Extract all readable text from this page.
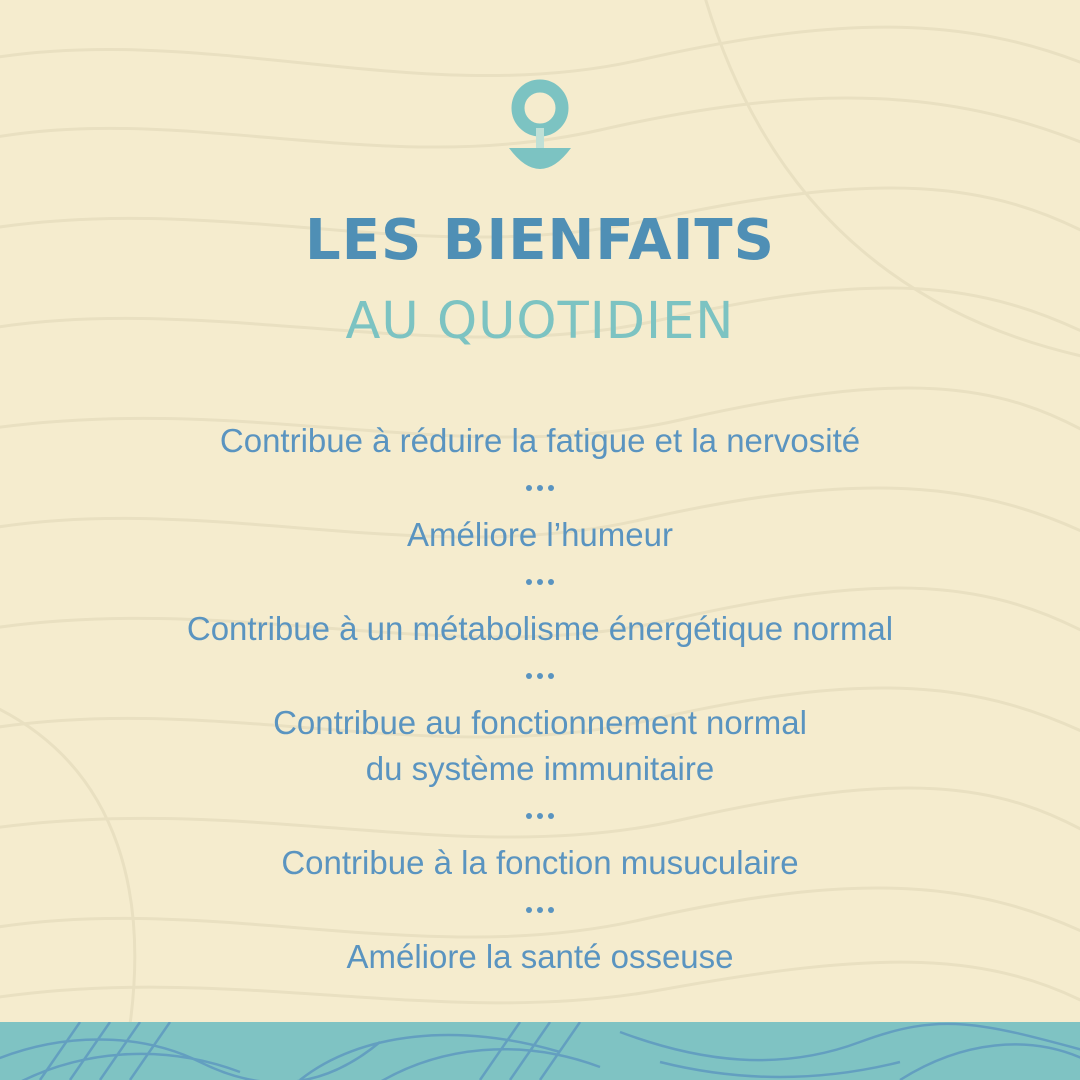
LES BIENFAITS
AU QUOTIDIEN

Contribue à réduire la fatigue et la nervosité

Améliore l’humeur

Contribue à un métabolisme énergétique normal

Contribue au fonctionnement normal
du système immunitaire

Contribue à la fonction musuculaire

Améliore la santé osseuse
